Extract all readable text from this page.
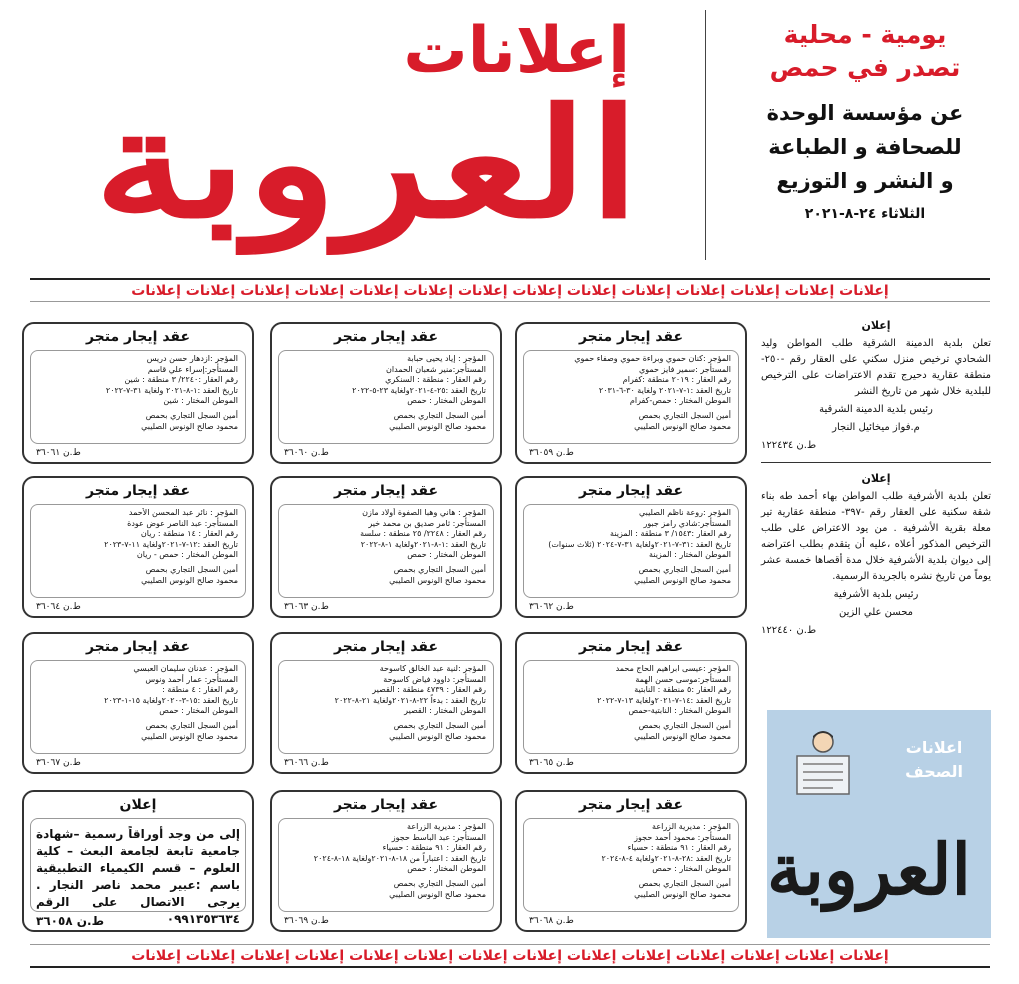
يومية - محلية
تصدر في حمص
عن مؤسسة الوحدة
للصحافة و الطباعة
و النشر و التوزيع
الثلاثاء ٢٤-٨-٢٠٢١
إعلانات
العروبة
إعلانات إعلانات إعلانات إعلانات إعلانات إعلانات إعلانات إعلانات إعلانات إعلانات إعلانات إعلانات إعلانات إعلانات
إعلان
تعلن بلدية الدمينة الشرقية طلب المواطن وليد الشحادي ترخيص منزل سكني على العقار رقم -٢٥٠- منطقة عقارية دحيرج تقدم الاعتراضات على الترخيص للبلدية خلال شهر من تاريخ النشر
رئيس بلدية الدمينة الشرقية
م.فواز ميخائيل النجار
ط.ن ١٢٢٤٣٤
إعلان
تعلن بلدية الأشرفية طلب المواطن بهاء أحمد طه بناء شقة سكنية على العقار رقم -٣٩٧- منطقة عقارية تير معلة بقرية الأشرفية . من يود الاعتراض على طلب الترخيص المذكور أعلاه ،عليه أن يتقدم بطلب اعتراضه إلى ديوان بلدية الأشرفية خلال مدة أقصاها خمسة عشر يوماً من تاريخ نشره بالجريدة الرسمية.
رئيس بلدية الأشرفية
محسن علي الزين
ط.ن ١٢٢٤٤٠
اعلانات
الصحف
العروبة
عقد إيجار متجر
المؤجر :كنان حموي وبراءة حموي وصفاء حموي
المستأجر :سمير فايز حموي
رقم العقار : ٢٠١٩ منطقة :كفرام
تاريخ العقد :١-٧-٢٠٢١ ولغاية ٣٠-٦-٢٠٣١
الموطن المختار : حمص-كفرام
أمين السجل التجاري بحمص
محمود صالح الونوس الصليبي
ط.ن ٣٦٠٥٩
عقد إيجار متجر
المؤجر : إياد يحيى حبابة
المستأجر:منير شعبان الحمدان
رقم العقار : منطقة : السنكري
تاريخ العقد :٢٥-٤-٢٠٢١ولغاية ٢٣-٥-٢٠٢٢
الموطن المختار : حمص
أمين السجل التجاري بحمص
محمود صالح الونوس الصليبي
ط.ن ٣٦٠٦٠
عقد إيجار متجر
المؤجر :ازدهار حسن دريس
المستأجر:إسراء علي قاسم
رقم العقار :٢٢٤٠/ ٣ منطقة : شين
تاريخ العقد :١-٨-٢٠٢١ ولغاية ٣١-٧-٢٠٢٢
الموطن المختار : شين
أمين السجل التجاري بحمص
محمود صالح الونوس الصليبي
ط.ن ٣٦٠٦١
عقد إيجار متجر
المؤجر :روعة ناظم الصليبي
المستأجر:شادي رامز جبور
رقم العقار :١٥٤٣/ ٣ منطقة : المزينة
تاريخ العقد :٣١-٧-٢٠٢١ولغاية ٣١-٧-٢٠٢٤ (ثلاث سنوات)
الموطن المختار : المزينة
أمين السجل التجاري بحمص
محمود صالح الونوس الصليبي
ط.ن ٣٦٠٦٢
عقد إيجار متجر
المؤجر : هاني وهبا الصفوة أولاد مازن
المستأجر: ثامر صديق بن محمد خير
رقم العقار : ٢٢٤٨/ ٢٥ منطقة : سلسة
تاريخ العقد :١-٨-٢٠٢١ولغاية ١-٨-٢٠٢٢
الموطن المختار : حمص
أمين السجل التجاري بحمص
محمود صالح الونوس الصليبي
ط.ن ٣٦٠٦٣
عقد إيجار متجر
المؤجر : نائر عبد المحسن الأحمد
المستأجر: عبد الناصر عوض عودة
رقم العقار : ١٤ منطقة : ريان
تاريخ العقد :١٢-٧-٢٠٢١ولغاية ١١-٧-٢٠٢٣
الموطن المختار : حمص - ريان
أمين السجل التجاري بحمص
محمود صالح الونوس الصليبي
ط.ن ٣٦٠٦٤
عقد إيجار متجر
المؤجر :عيسى ابراهيم الحاج محمد
المستأجر:موسى حسن الهمة
رقم العقار :٥ منطقة : النابتية
تاريخ العقد :١٤-٧-٢٠٢١ولغاية ١٣-٧-٢٠٢٢
الموطن المختار : النابتية-حمص
أمين السجل التجاري بحمص
محمود صالح الونوس الصليبي
ط.ن ٣٦٠٦٥
عقد إيجار متجر
المؤجر :لنية عبد الخالق كاسوحة
المستأجر: داوود فياض كاسوحة
رقم العقار : ٤٧٣٩ منطقة : القصير
تاريخ العقد : بدءاً ٢٢-٨-٢٠٢١ولغاية ٢١-٨-٢٠٢٢
الموطن المختار : القصير
أمين السجل التجاري بحمص
محمود صالح الونوس الصليبي
ط.ن ٣٦٠٦٦
عقد إيجار متجر
المؤجر : عدنان سليمان العبسي
المستأجر: عمار أحمد ونوس
رقم العقار : ٤ منطقة :
تاريخ العقد :١٥-٣-٢٠٢٠ولغاية ١٥-١-٢٠٢٣
الموطن المختار : حمص
أمين السجل التجاري بحمص
محمود صالح الونوس الصليبي
ط.ن ٣٦٠٦٧
عقد إيجار متجر
المؤجر : مديرية الزراعة
المستأجر: محمود أحمد حجوز
رقم العقار : ٩١ منطقة : حسياء
تاريخ العقد :٢٨-٨-٢٠٢١ولغاية ٤-٨-٢٠٢٤
الموطن المختار : حمص
أمين السجل التجاري بحمص
محمود صالح الونوس الصليبي
ط.ن ٣٦٠٦٨
عقد إيجار متجر
المؤجر : مديرية الزراعة
المستأجر: عبد الباسط حجوز
رقم العقار : ٩١ منطقة : حسياء
تاريخ العقد : اعتباراً من ١٨-٨-٢٠٢١ولغاية ١٨-٨-٢٠٢٤
الموطن المختار : حمص
أمين السجل التجاري بحمص
محمود صالح الونوس الصليبي
ط.ن ٣٦٠٦٩
إعلان
إلى من وجد أوراقاً رسمية –شهادة جامعية تابعة لجامعة البعث – كلية العلوم – قسم الكيمياء التطبيقية باسم :عبير محمد ناصر النجار . يرجى الاتصال على الرقم ٠٩٩١٣٥٣٦٣٤
ط.ن ٣٦٠٥٨
إعلانات إعلانات إعلانات إعلانات إعلانات إعلانات إعلانات إعلانات إعلانات إعلانات إعلانات إعلانات إعلانات إعلانات
